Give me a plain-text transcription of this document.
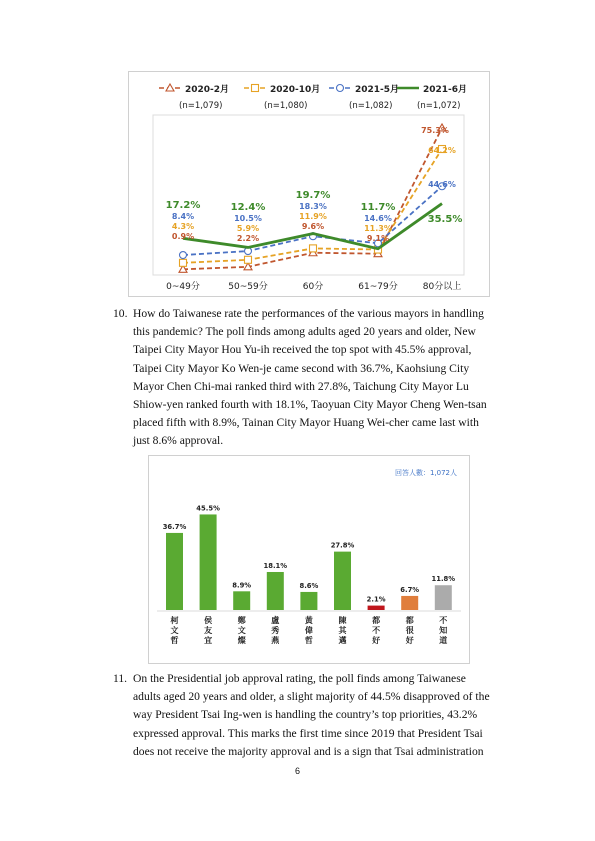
2020-2月
(n=1,079)
2020-10月
(n=1,080)
2021-5月
(n=1,082)
2021-6月
(n=1,072)
17.2%
8.4%
4.3%
0.9%
12.4%
10.5%
5.9%
2.2%
19.7%
18.3%
11.9%
9.6%
11.7%
14.6%
11.3%
9.1%
75.3%
64.2%
44.6%
35.5%
0~49分	50~59分	60分	61~79分	80分以上
10. How do Taiwanese rate the performances of the various mayors in handling
this pandemic? The poll finds among adults aged 20 years and older, New
Taipei City Mayor Hou Yu-ih received the top spot with 45.5% approval,
Taipei City Mayor Ko Wen-je came second with 36.7%, Kaohsiung City
Mayor Chen Chi-mai ranked third with 27.8%, Taichung City Mayor Lu
Shiow-yen ranked fourth with 18.1%, Taoyuan City Mayor Cheng Wen-tsan
placed fifth with 8.9%, Tainan City Mayor Huang Wei-cher came last with
just 8.6% approval.
回答人數：1,072人
36.7%
柯文哲
45.5%
侯友宜
8.9%
鄭文燦
18.1%
盧秀燕
8.6%
黃偉哲
27.8%
陳其邁
2.1%
都不好
6.7%
都很好
11.8%
不知道
11. On the Presidential job approval rating, the poll finds among Taiwanese
adults aged 20 years and older, a slight majority of 44.5% disapproved of the
way President Tsai Ing-wen is handling the country’s top priorities, 43.2%
expressed approval. This marks the first time since 2019 that President Tsai
does not receive the majority approval and is a sign that Tsai administration
6
